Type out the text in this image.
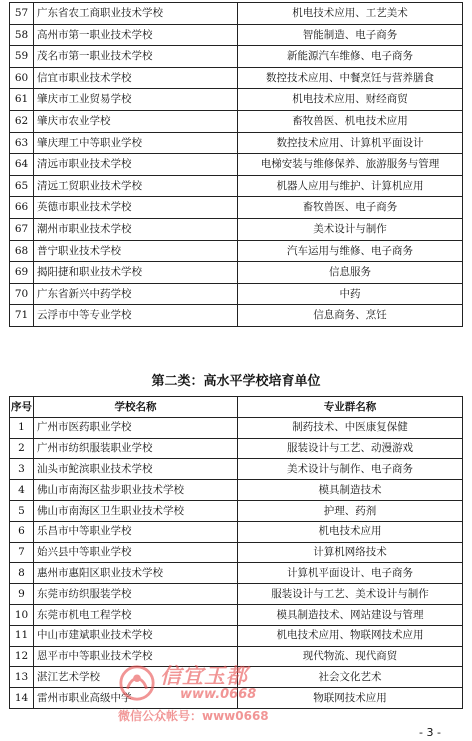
57	广东省农工商职业技术学校	机电技术应用、工艺美术
58	高州市第一职业技术学校	智能制造、电子商务
59	茂名市第一职业技术学校	新能源汽车维修、电子商务
60	信宜市职业技术学校	数控技术应用、中餐烹饪与营养膳食
61	肇庆市工业贸易学校	机电技术应用、财经商贸
62	肇庆市农业学校	畜牧兽医、机电技术应用
63	肇庆理工中等职业学校	数控技术应用、计算机平面设计
64	清远市职业技术学校	电梯安装与维修保养、旅游服务与管理
65	清远工贸职业技术学校	机器人应用与维护、计算机应用
66	英德市职业技术学校	畜牧兽医、电子商务
67	潮州市职业技术学校	美术设计与制作
68	普宁职业技术学校	汽车运用与维修、电子商务
69	揭阳捷和职业技术学校	信息服务
70	广东省新兴中药学校	中药
71	云浮市中等专业学校	信息商务、烹饪
第二类：高水平学校培育单位
序号	学校名称	专业群名称
1	广州市医药职业学校	制药技术、中医康复保健
2	广州市纺织服装职业学校	服装设计与工艺、动漫游戏
3	汕头市鮀滨职业技术学校	美术设计与制作、电子商务
4	佛山市南海区盐步职业技术学校	模具制造技术
5	佛山市南海区卫生职业技术学校	护理、药剂
6	乐昌市中等职业学校	机电技术应用
7	始兴县中等职业学校	计算机网络技术
8	惠州市惠阳区职业技术学校	计算机平面设计、电子商务
9	东莞市纺织服装学校	服装设计与工艺、美术设计与制作
10	东莞市机电工程学校	模具制造技术、网站建设与管理
11	中山市建斌职业技术学校	机电技术应用、物联网技术应用
12	恩平市中等职业技术学校	现代物流、现代商贸
13	湛江艺术学校	社会文化艺术
14	雷州市职业高级中学	物联网技术应用
信宜玉都
www.0668
微信公众帐号：www0668
- 3 -
